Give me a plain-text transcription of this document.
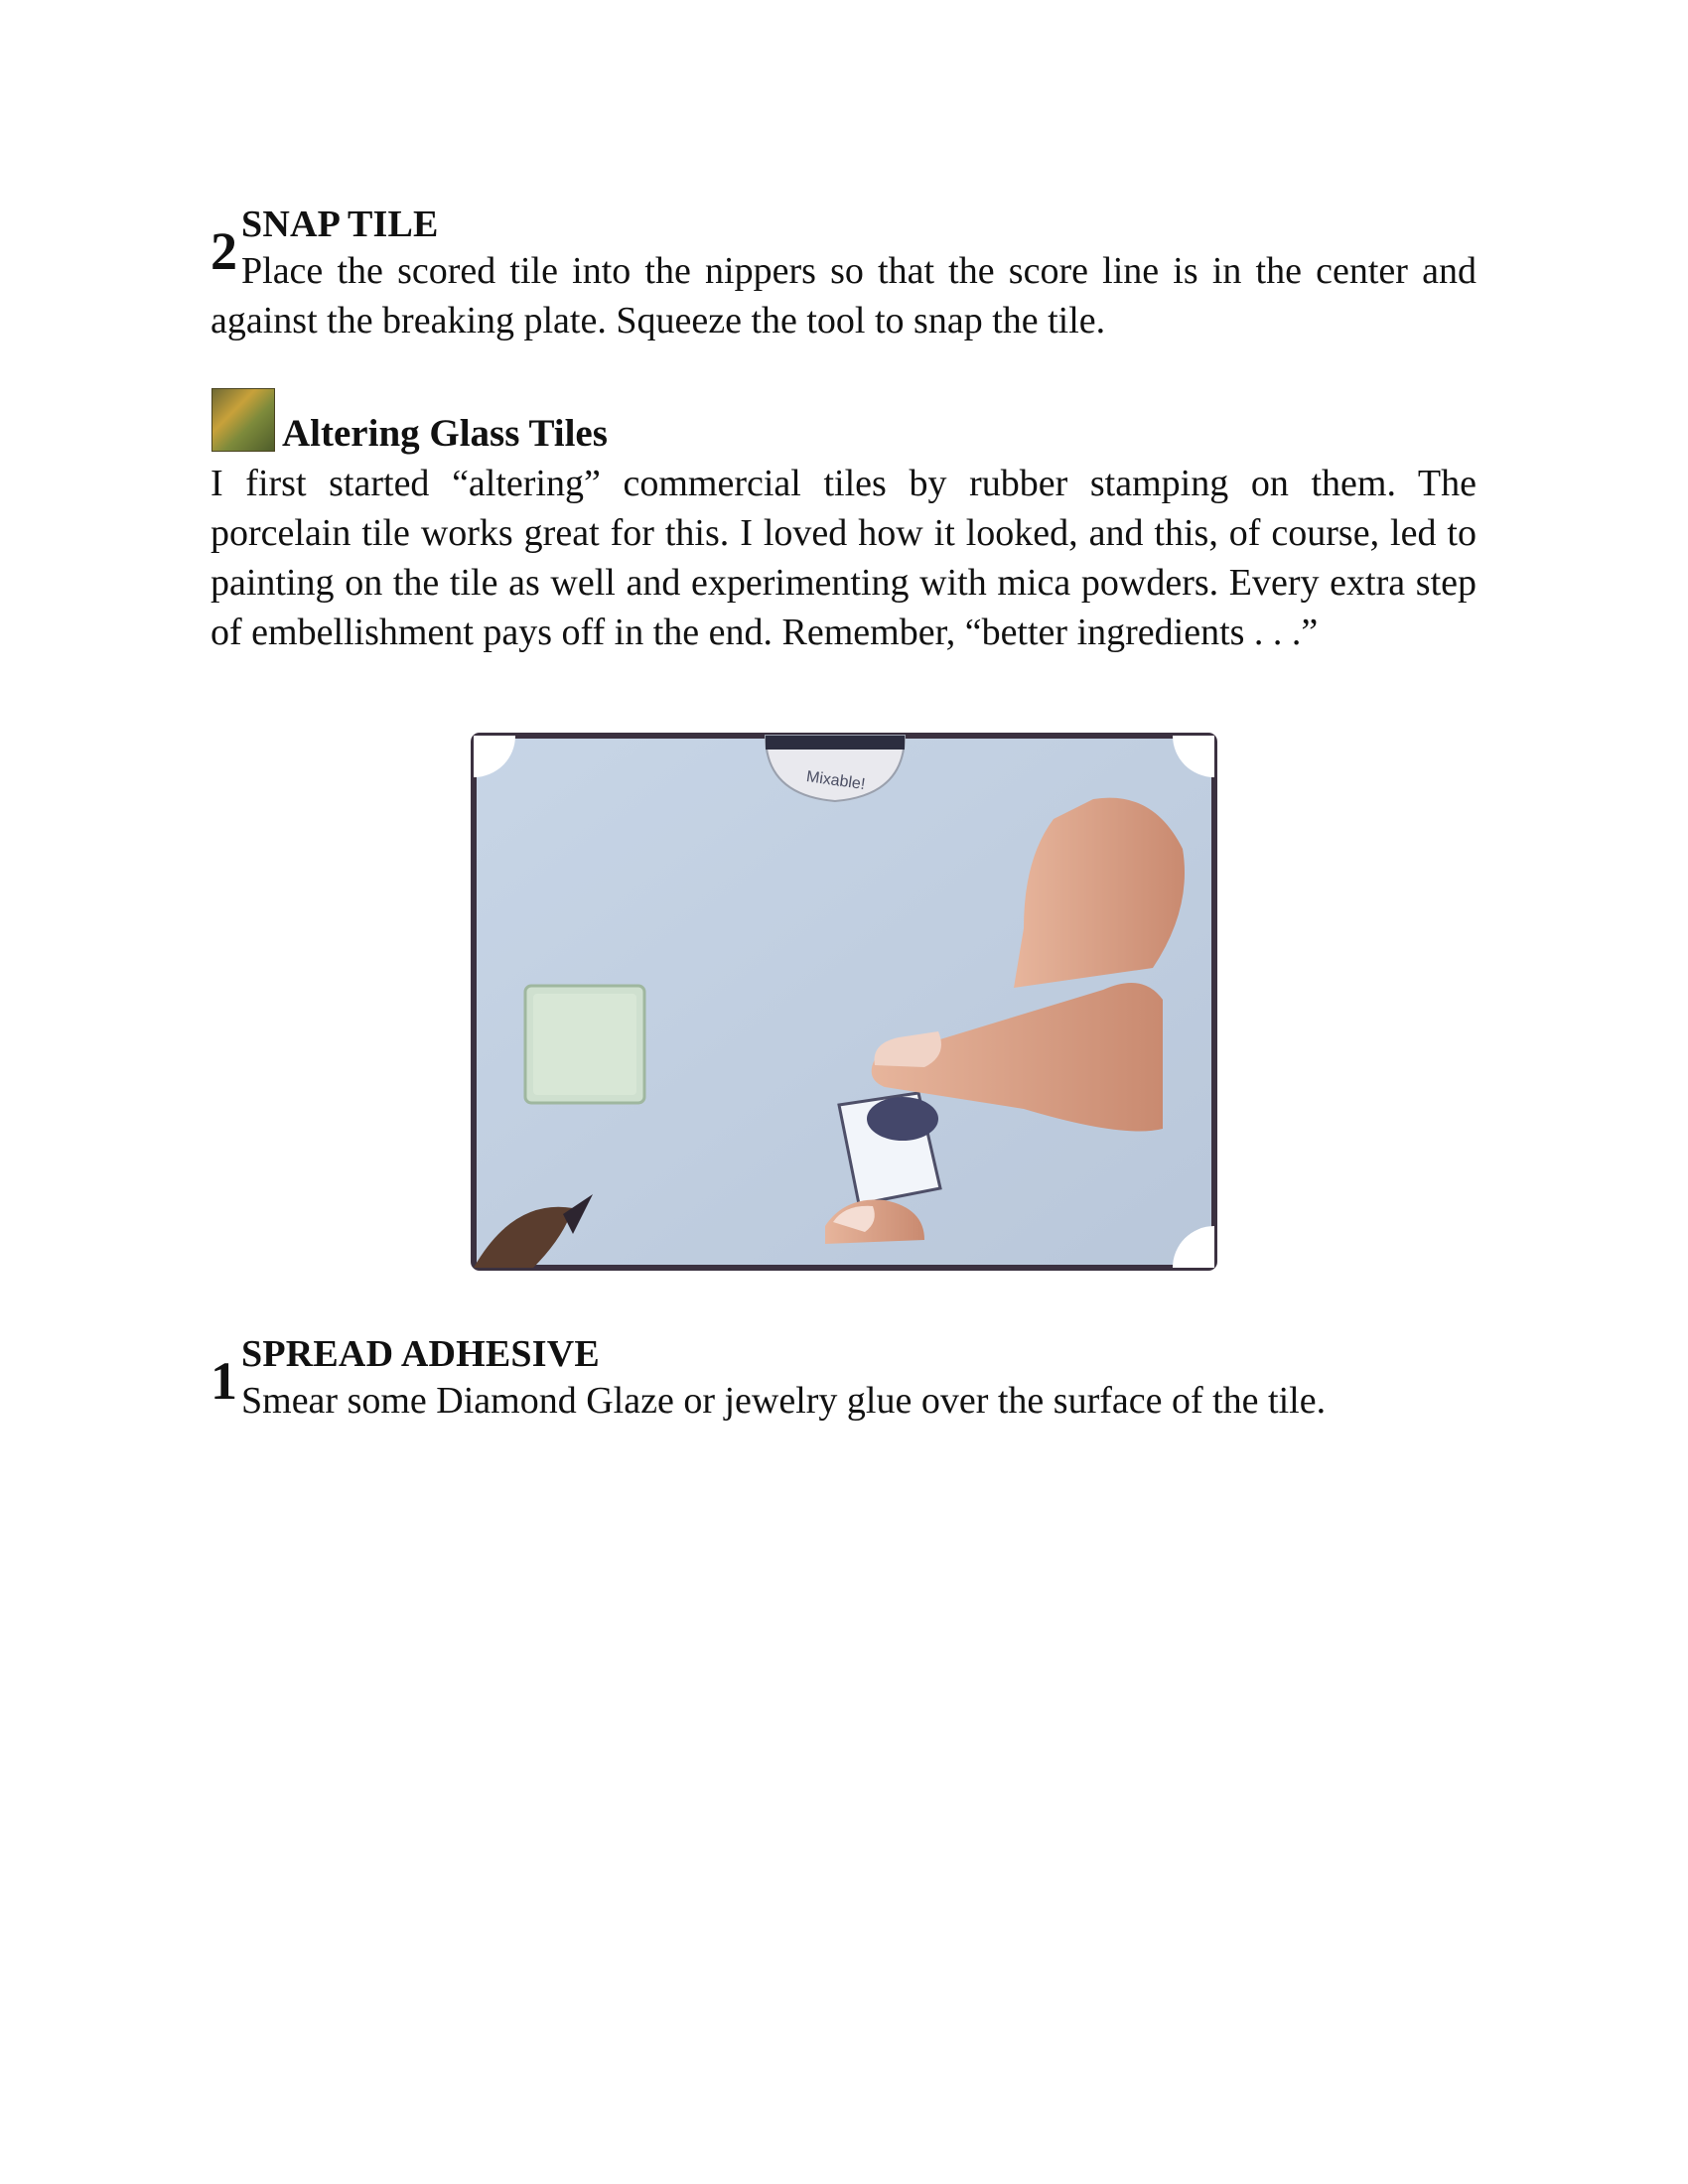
2 SNAP TILE

Place the scored tile into the nippers so that the score line is in the center and against the breaking plate. Squeeze the tool to snap the tile.

Altering Glass Tiles

I first started “altering” commercial tiles by rubber stamping on them. The porcelain tile works great for this. I loved how it looked, and this, of course, led to painting on the tile as well and experimenting with mica powders. Every extra step of embellishment pays off in the end. Remember, “better ingredients . . .”

Mixable!
1 SPREAD ADHESIVE

Smear some Diamond Glaze or jewelry glue over the surface of the tile.
